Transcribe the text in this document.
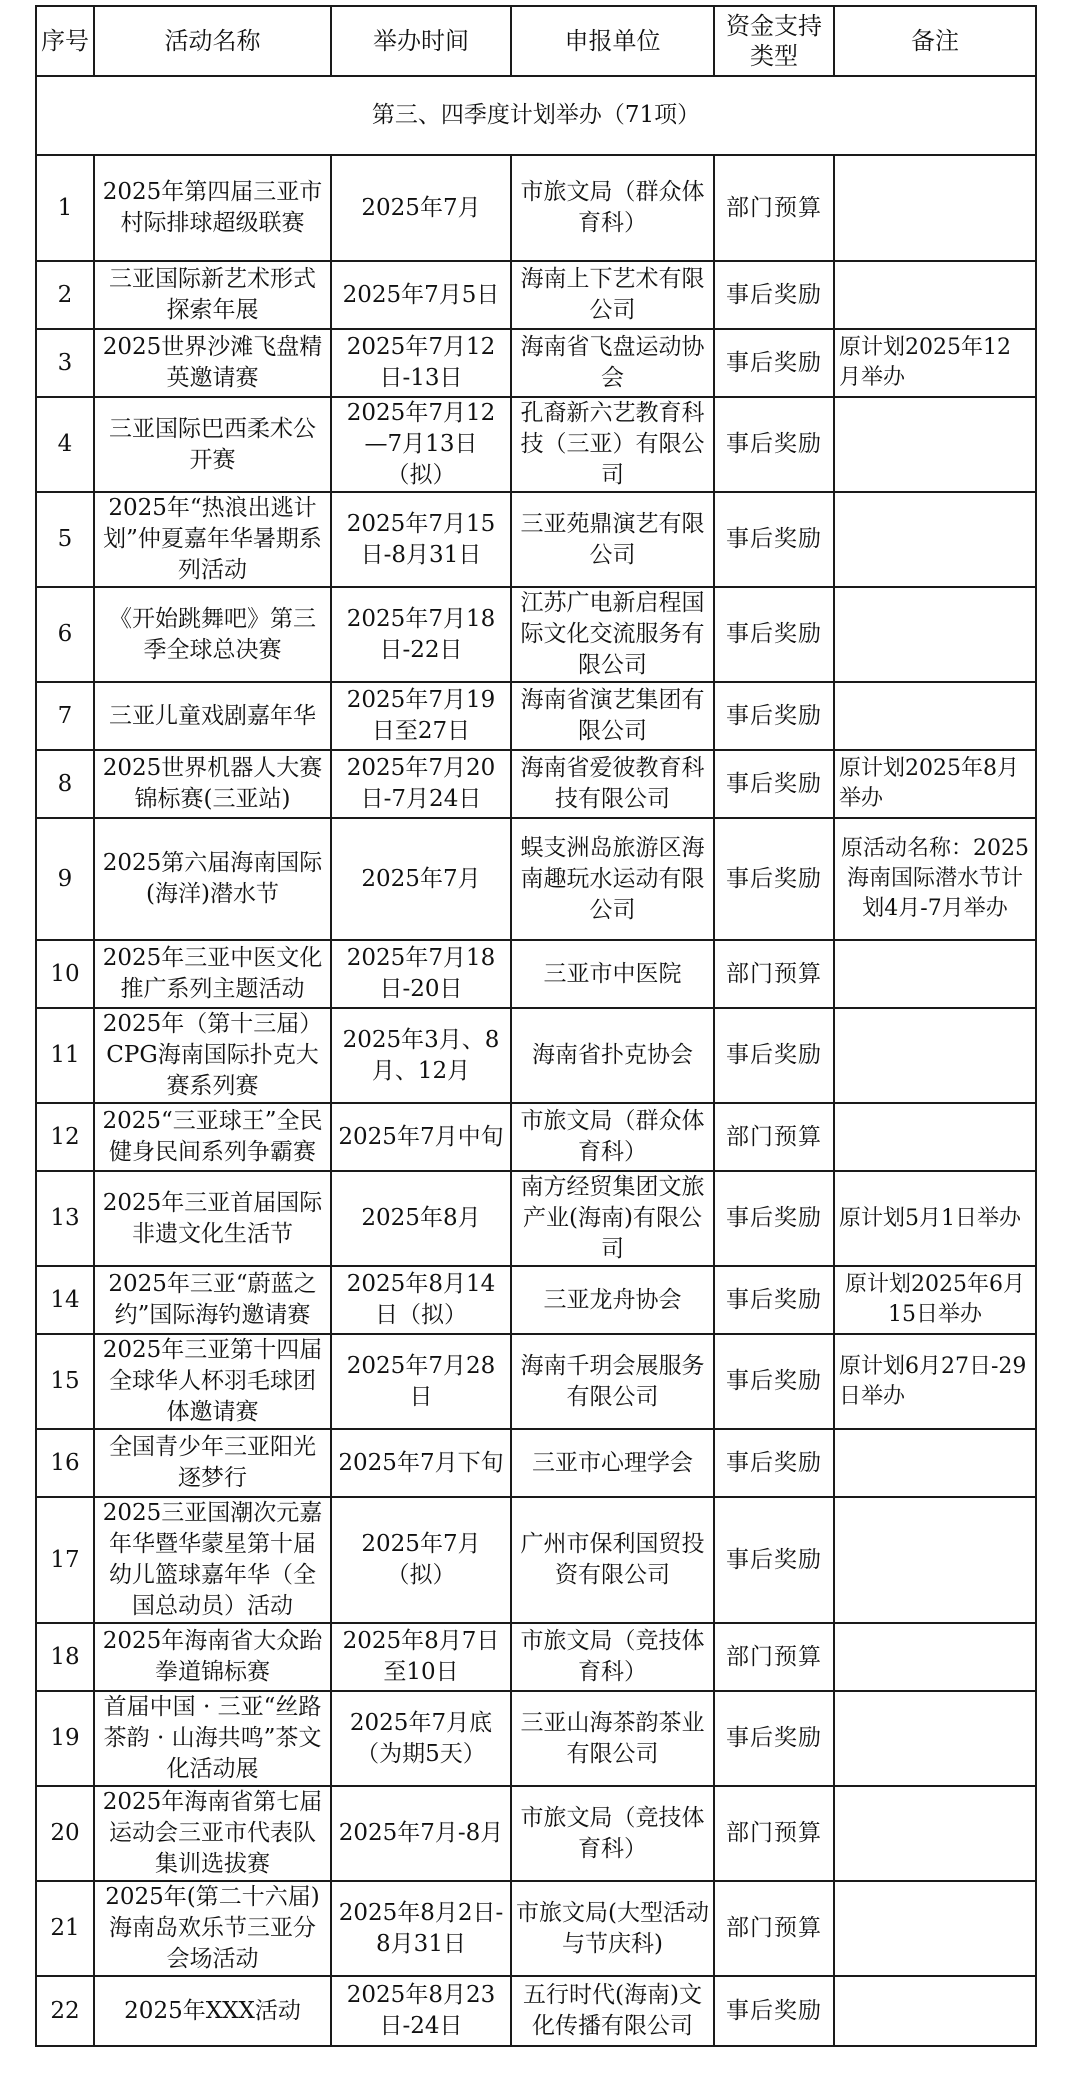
序号	活动名称	举办时间	申报单位	资金支持类型	备注
第三、四季度计划举办（71项）					
1	2025年第四届三亚市村际排球超级联赛	2025年7月	市旅文局（群众体育科）	部门预算	
2	三亚国际新艺术形式探索年展	2025年7月5日	海南上下艺术有限公司	事后奖励	
3	2025世界沙滩飞盘精英邀请赛	2025年7月12日-13日	海南省飞盘运动协会	事后奖励	原计划2025年12月举办
4	三亚国际巴西柔术公开赛	2025年7月12—7月13日（拟）	孔裔新六艺教育科技（三亚）有限公司	事后奖励	
5	2025年“热浪出逃计划”仲夏嘉年华暑期系列活动	2025年7月15日-8月31日	三亚苑鼎演艺有限公司	事后奖励	
6	《开始跳舞吧》第三季全球总决赛	2025年7月18日-22日	江苏广电新启程国际文化交流服务有限公司	事后奖励	
7	三亚儿童戏剧嘉年华	2025年7月19日至27日	海南省演艺集团有限公司	事后奖励	
8	2025世界机器人大赛锦标赛(三亚站)	2025年7月20日-7月24日	海南省爱彼教育科技有限公司	事后奖励	原计划2025年8月举办
9	2025第六届海南国际(海洋)潜水节	2025年7月	蜈支洲岛旅游区海南趣玩水运动有限公司	事后奖励	原活动名称：2025海南国际潜水节计划4月-7月举办
10	2025年三亚中医文化推广系列主题活动	2025年7月18日-20日	三亚市中医院	部门预算	
11	2025年（第十三届）CPG海南国际扑克大赛系列赛	2025年3月、8月、12月	海南省扑克协会	事后奖励	
12	2025“三亚球王”全民健身民间系列争霸赛	2025年7月中旬	市旅文局（群众体育科）	部门预算	
13	2025年三亚首届国际非遗文化生活节	2025年8月	南方经贸集团文旅产业(海南)有限公司	事后奖励	原计划5月1日举办
14	2025年三亚“蔚蓝之约”国际海钓邀请赛	2025年8月14日（拟）	三亚龙舟协会	事后奖励	原计划2025年6月15日举办
15	2025年三亚第十四届全球华人杯羽毛球团体邀请赛	2025年7月28日	海南千玥会展服务有限公司	事后奖励	原计划6月27日-29日举办
16	全国青少年三亚阳光逐梦行	2025年7月下旬	三亚市心理学会	事后奖励	
17	2025三亚国潮次元嘉年华暨华蒙星第十届幼儿篮球嘉年华（全国总动员）活动	2025年7月（拟）	广州市保利国贸投资有限公司	事后奖励	
18	2025年海南省大众跆拳道锦标赛	2025年8月7日至10日	市旅文局（竞技体育科）	部门预算	
19	首届中国 · 三亚“丝路茶韵 · 山海共鸣”茶文化活动展	2025年7月底（为期5天）	三亚山海茶韵茶业有限公司	事后奖励	
20	2025年海南省第七届运动会三亚市代表队集训选拔赛	2025年7月-8月	市旅文局（竞技体育科）	部门预算	
21	2025年(第二十六届)海南岛欢乐节三亚分会场活动	2025年8月2日-8月31日	市旅文局(大型活动与节庆科)	部门预算	
22	2025年XXX活动	2025年8月23日-24日	五行时代(海南)文化传播有限公司	事后奖励	
